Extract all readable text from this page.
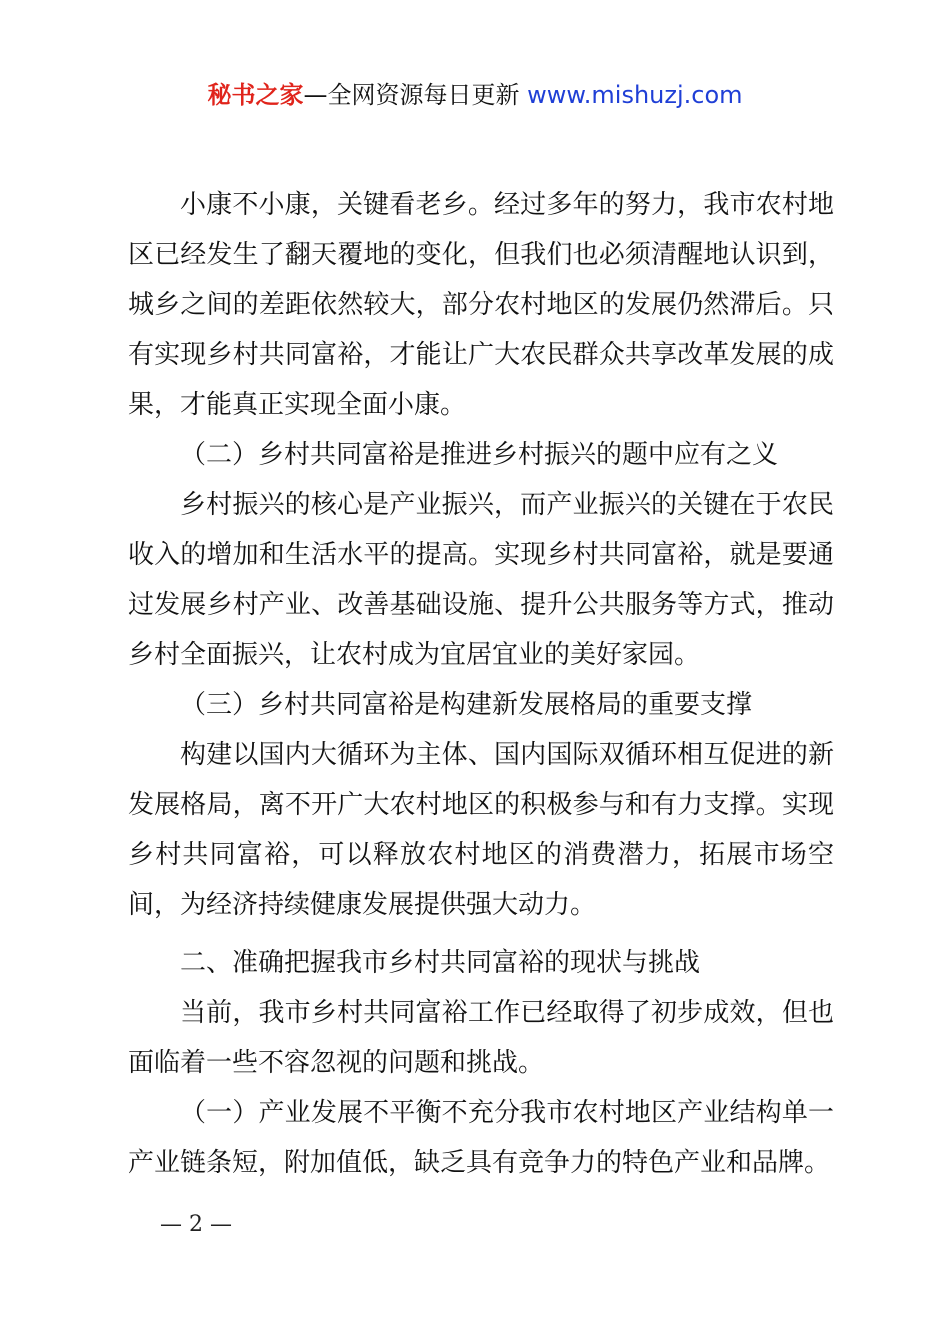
秘书之家—全网资源每日更新 www.mishuzj.com

小康不小康，关键看老乡。经过多年的努力，我市农村地区已经发生了翻天覆地的变化，但我们也必须清醒地认识到，城乡之间的差距依然较大，部分农村地区的发展仍然滞后。只有实现乡村共同富裕，才能让广大农民群众共享改革发展的成果，才能真正实现全面小康。

（二）乡村共同富裕是推进乡村振兴的题中应有之义

乡村振兴的核心是产业振兴，而产业振兴的关键在于农民收入的增加和生活水平的提高。实现乡村共同富裕，就是要通过发展乡村产业、改善基础设施、提升公共服务等方式，推动乡村全面振兴，让农村成为宜居宜业的美好家园。

（三）乡村共同富裕是构建新发展格局的重要支撑

构建以国内大循环为主体、国内国际双循环相互促进的新发展格局，离不开广大农村地区的积极参与和有力支撑。实现乡村共同富裕，可以释放农村地区的消费潜力，拓展市场空间，为经济持续健康发展提供强大动力。

二、准确把握我市乡村共同富裕的现状与挑战

当前，我市乡村共同富裕工作已经取得了初步成效，但也面临着一些不容忽视的问题和挑战。

（一）产业发展不平衡不充分我市农村地区产业结构单一产业链条短，附加值低，缺乏具有竞争力的特色产业和品牌。

— 2 —
